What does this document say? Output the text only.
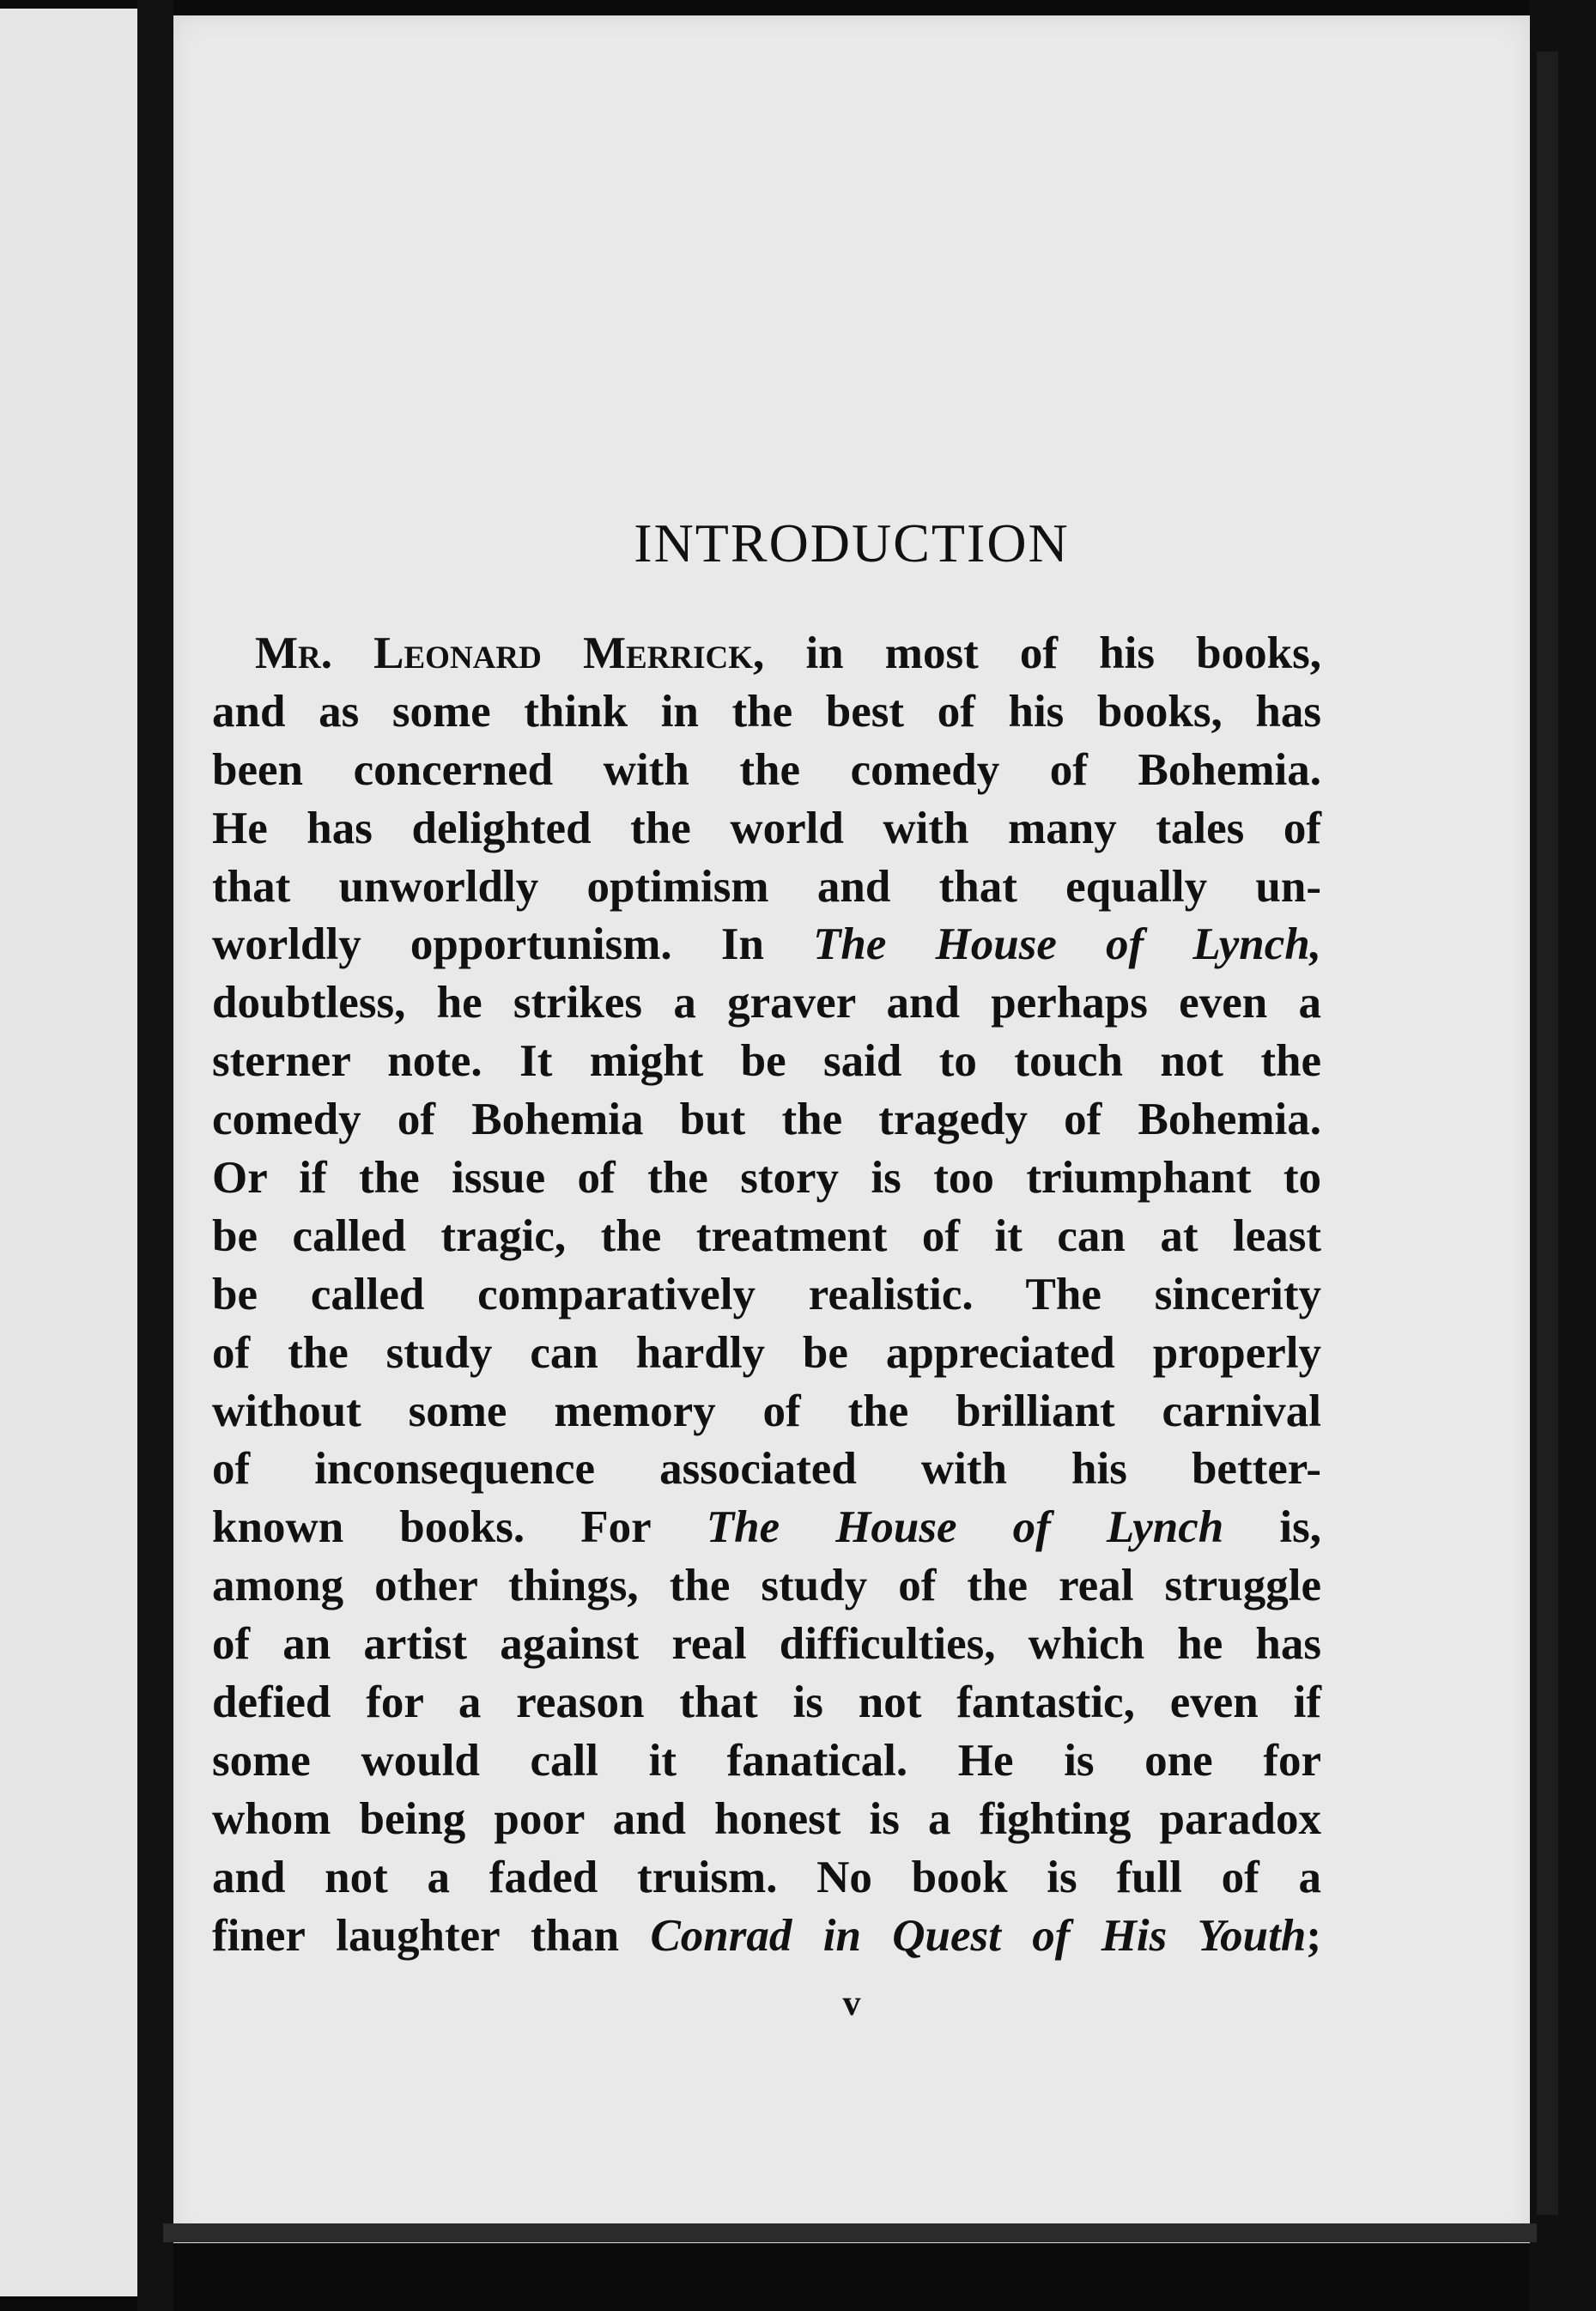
INTRODUCTION
Mr. Leonard Merrick, in most of his books,
and as some think in the best of his books, has
been concerned with the comedy of Bohemia.
He has delighted the world with many tales of
that unworldly optimism and that equally un-
worldly opportunism. In The House of Lynch,
doubtless, he strikes a graver and perhaps even a
sterner note. It might be said to touch not the
comedy of Bohemia but the tragedy of Bohemia.
Or if the issue of the story is too triumphant to
be called tragic, the treatment of it can at least
be called comparatively realistic. The sincerity
of the study can hardly be appreciated properly
without some memory of the brilliant carnival
of inconsequence associated with his better-
known books. For The House of Lynch is,
among other things, the study of the real struggle
of an artist against real difficulties, which he has
defied for a reason that is not fantastic, even if
some would call it fanatical. He is one for
whom being poor and honest is a fighting paradox
and not a faded truism. No book is full of a
finer laughter than Conrad in Quest of His Youth;
v
